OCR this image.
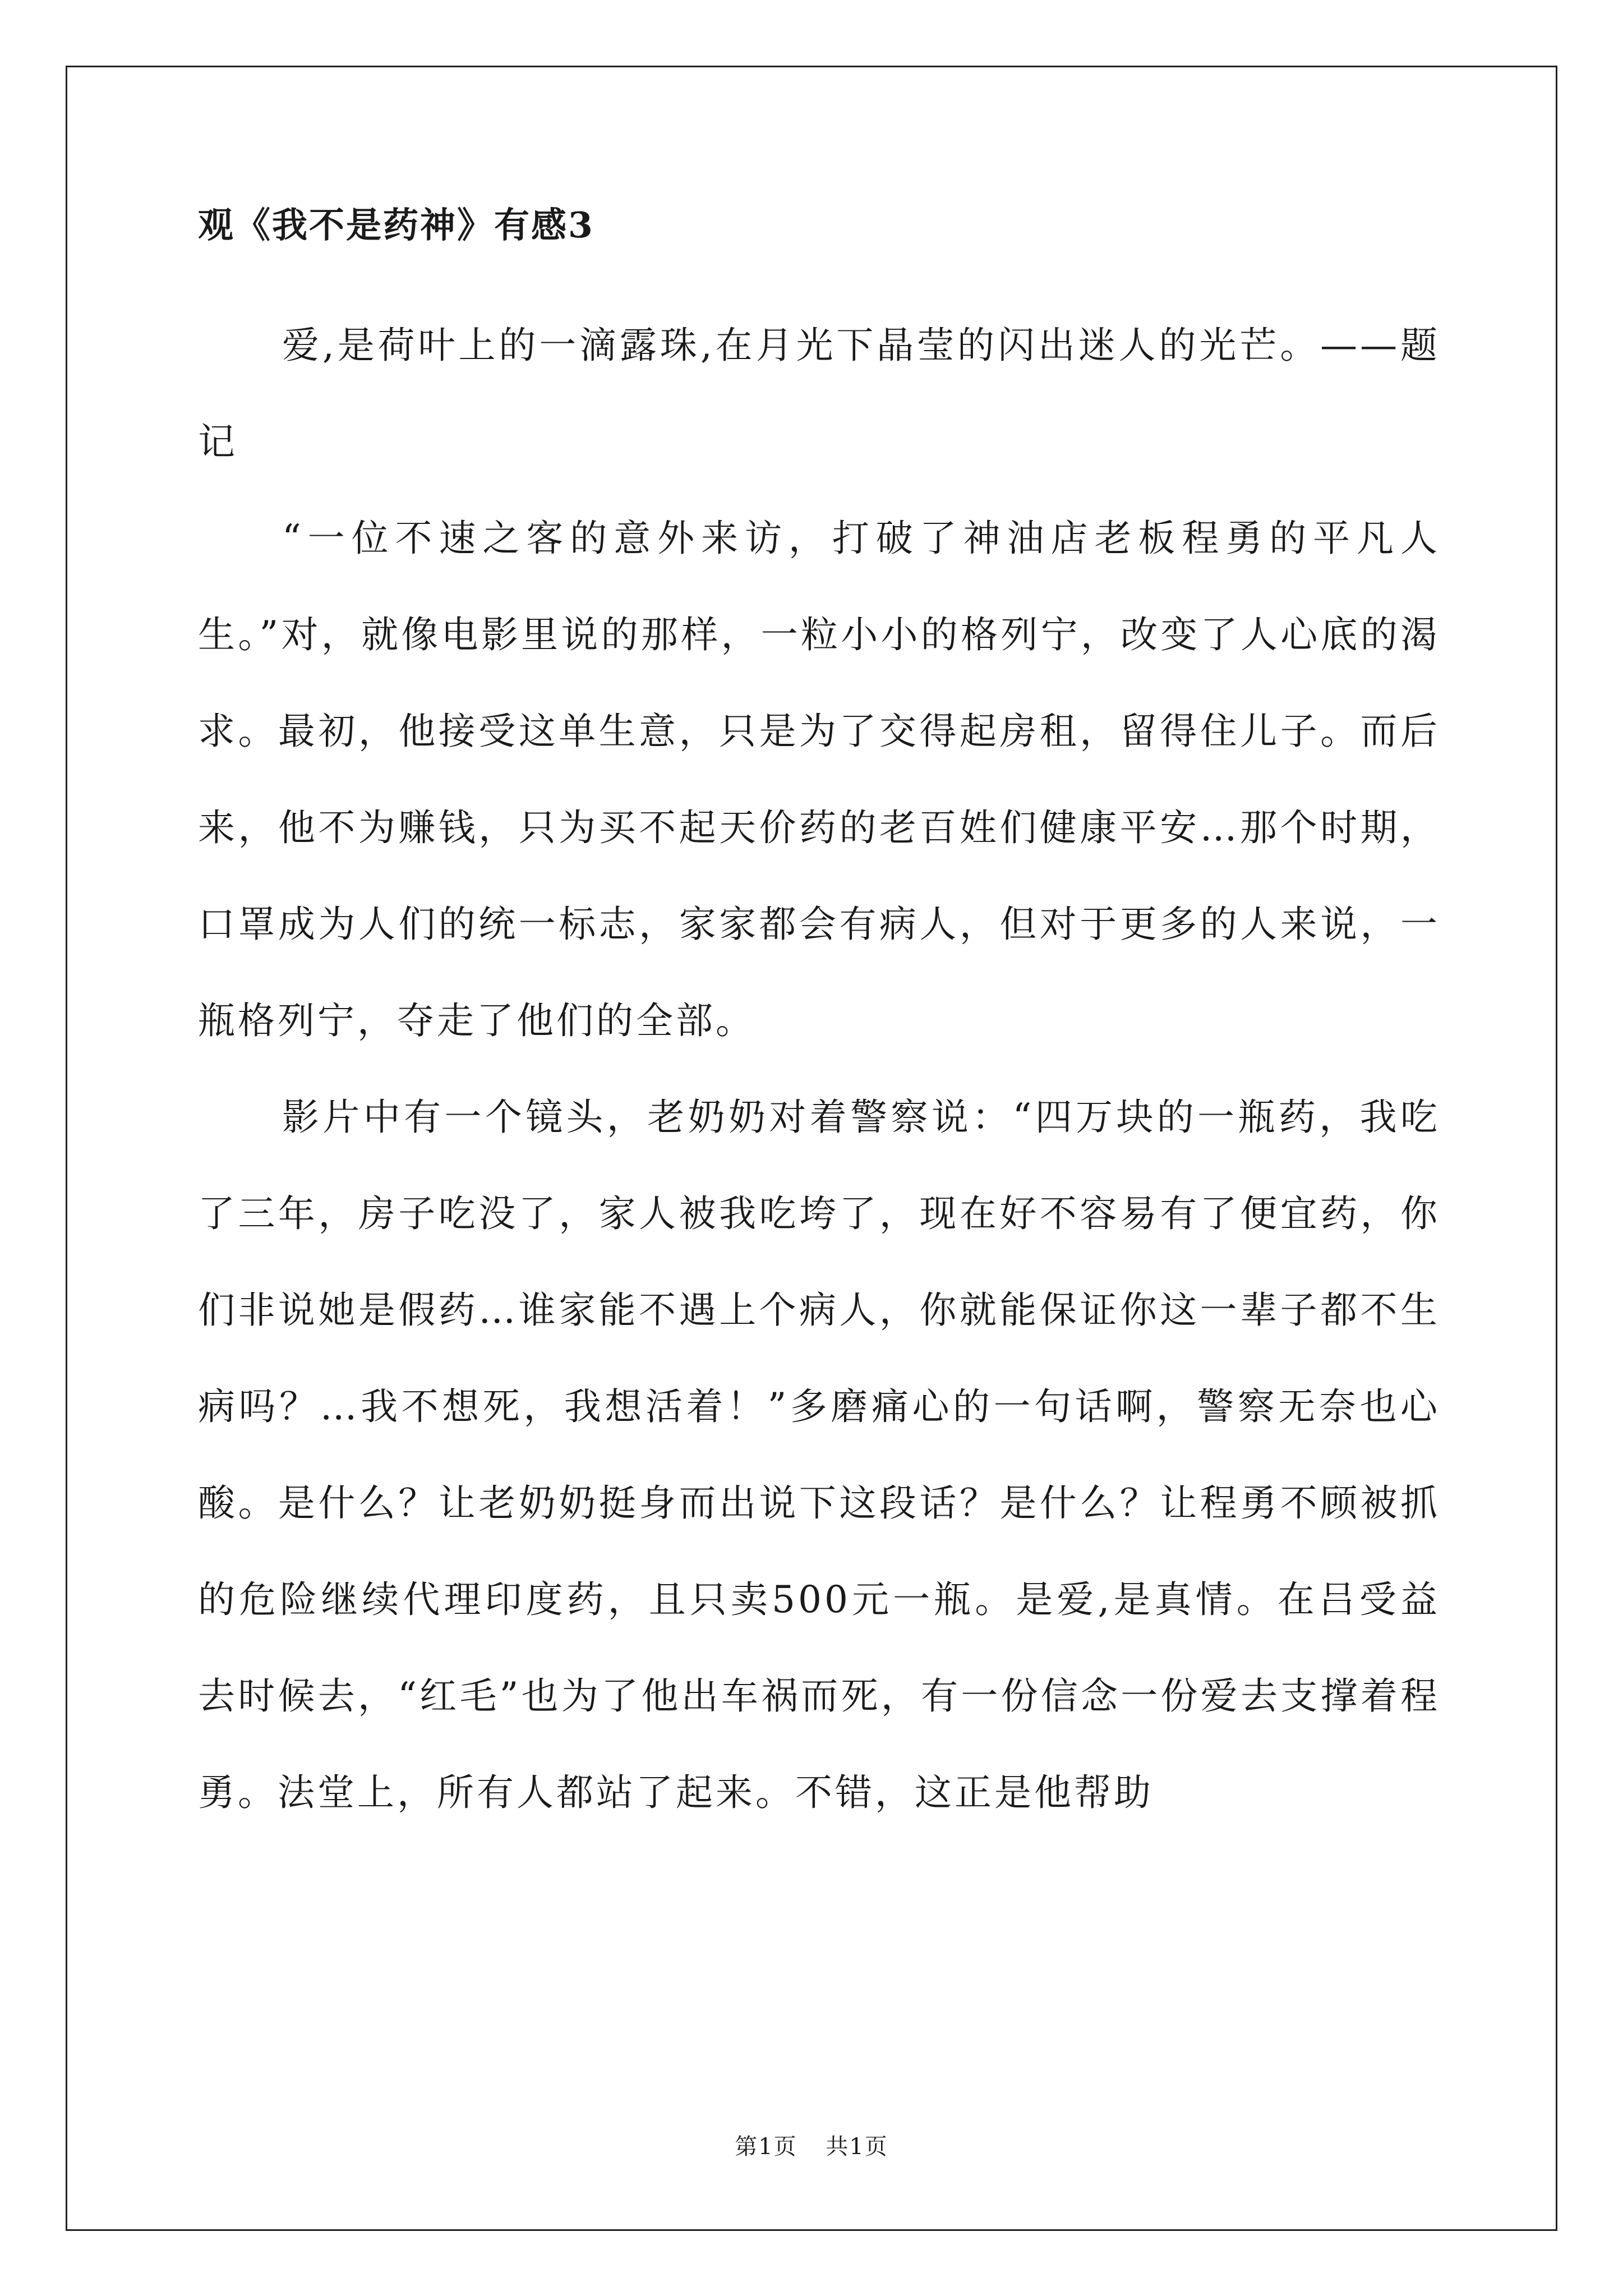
观《我不是药神》有感3

爱,是荷叶上的一滴露珠,在月光下晶莹的闪出迷人的光芒。——题记

“一位不速之客的意外来访，打破了神油店老板程勇的平凡人生。”对，就像电影里说的那样，一粒小小的格列宁，改变了人心底的渴求。最初，他接受这单生意，只是为了交得起房租，留得住儿子。而后来，他不为赚钱，只为买不起天价药的老百姓们健康平安…那个时期，口罩成为人们的统一标志，家家都会有病人，但对于更多的人来说，一瓶格列宁，夺走了他们的全部。

影片中有一个镜头，老奶奶对着警察说：“四万块的一瓶药，我吃了三年，房子吃没了，家人被我吃垮了，现在好不容易有了便宜药，你们非说她是假药…谁家能不遇上个病人，你就能保证你这一辈子都不生病吗？…我不想死，我想活着！”多磨痛心的一句话啊，警察无奈也心酸。是什么？让老奶奶挺身而出说下这段话？是什么？让程勇不顾被抓的危险继续代理印度药，且只卖500元一瓶。是爱,是真情。在吕受益去时候去，“红毛”也为了他出车祸而死，有一份信念一份爱去支撑着程勇。法堂上，所有人都站了起来。不错，这正是他帮助

第1页 共1页
